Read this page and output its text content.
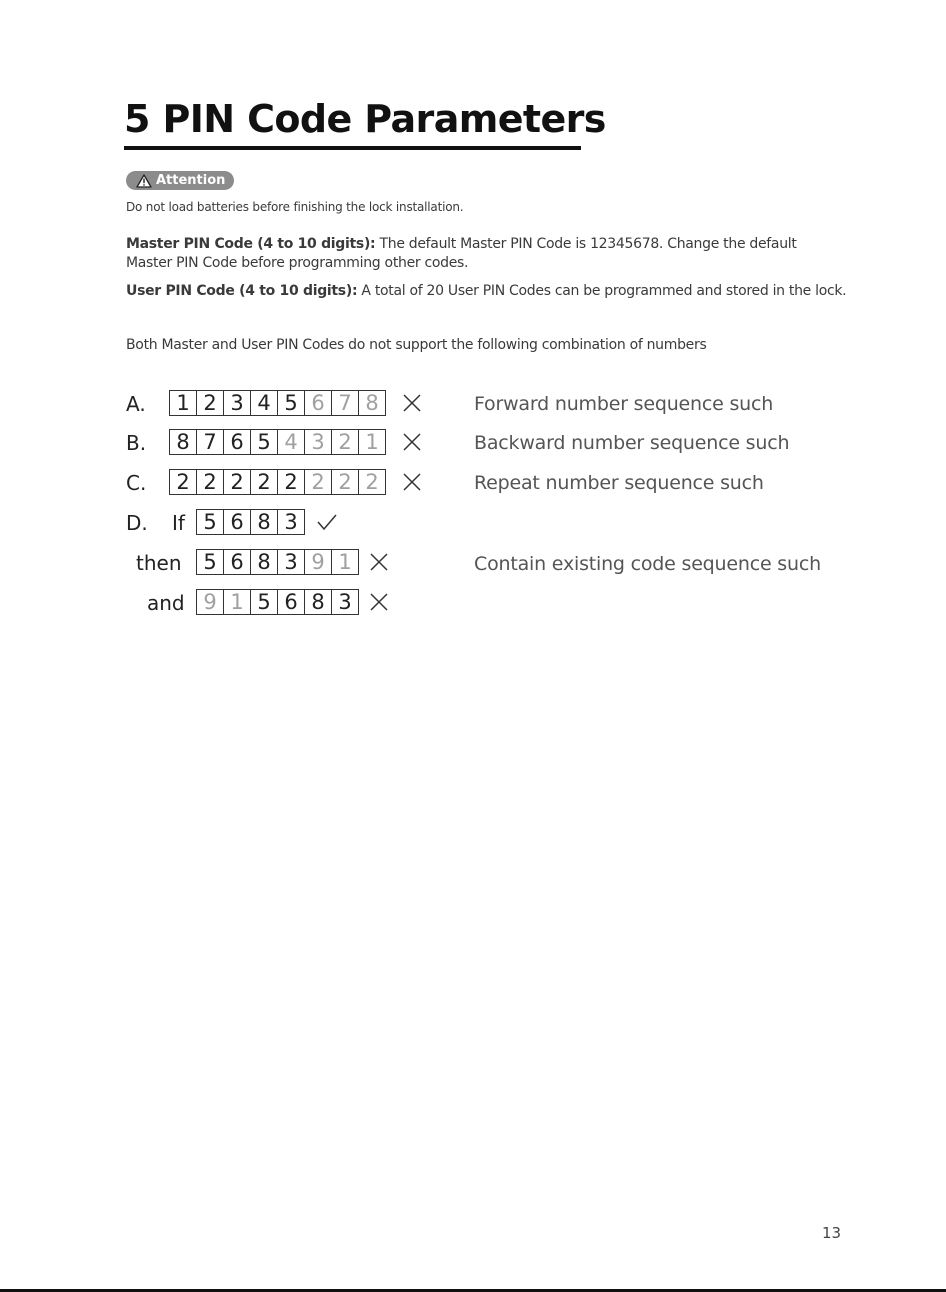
5 PIN Code Parameters
Attention
Do not load batteries before finishing the lock installation.

Master PIN Code (4 to 10 digits): The default Master PIN Code is 12345678. Change the default Master PIN Code before programming other codes.

User PIN Code (4 to 10 digits): A total of 20 User PIN Codes can be programmed and stored in the lock.

Both Master and User PIN Codes do not support the following combination of numbers
A.	1 2 3 4 5 6 7 8	Forward number sequence such
B.	8 7 6 5 4 3 2 1	Backward number sequence such
C.	2 2 2 2 2 2 2 2	Repeat number sequence such
D. If 5 6 8 3
then	5 6 8 3 9 1	Contain existing code sequence such
and 9 1 5 6 8 3
13
